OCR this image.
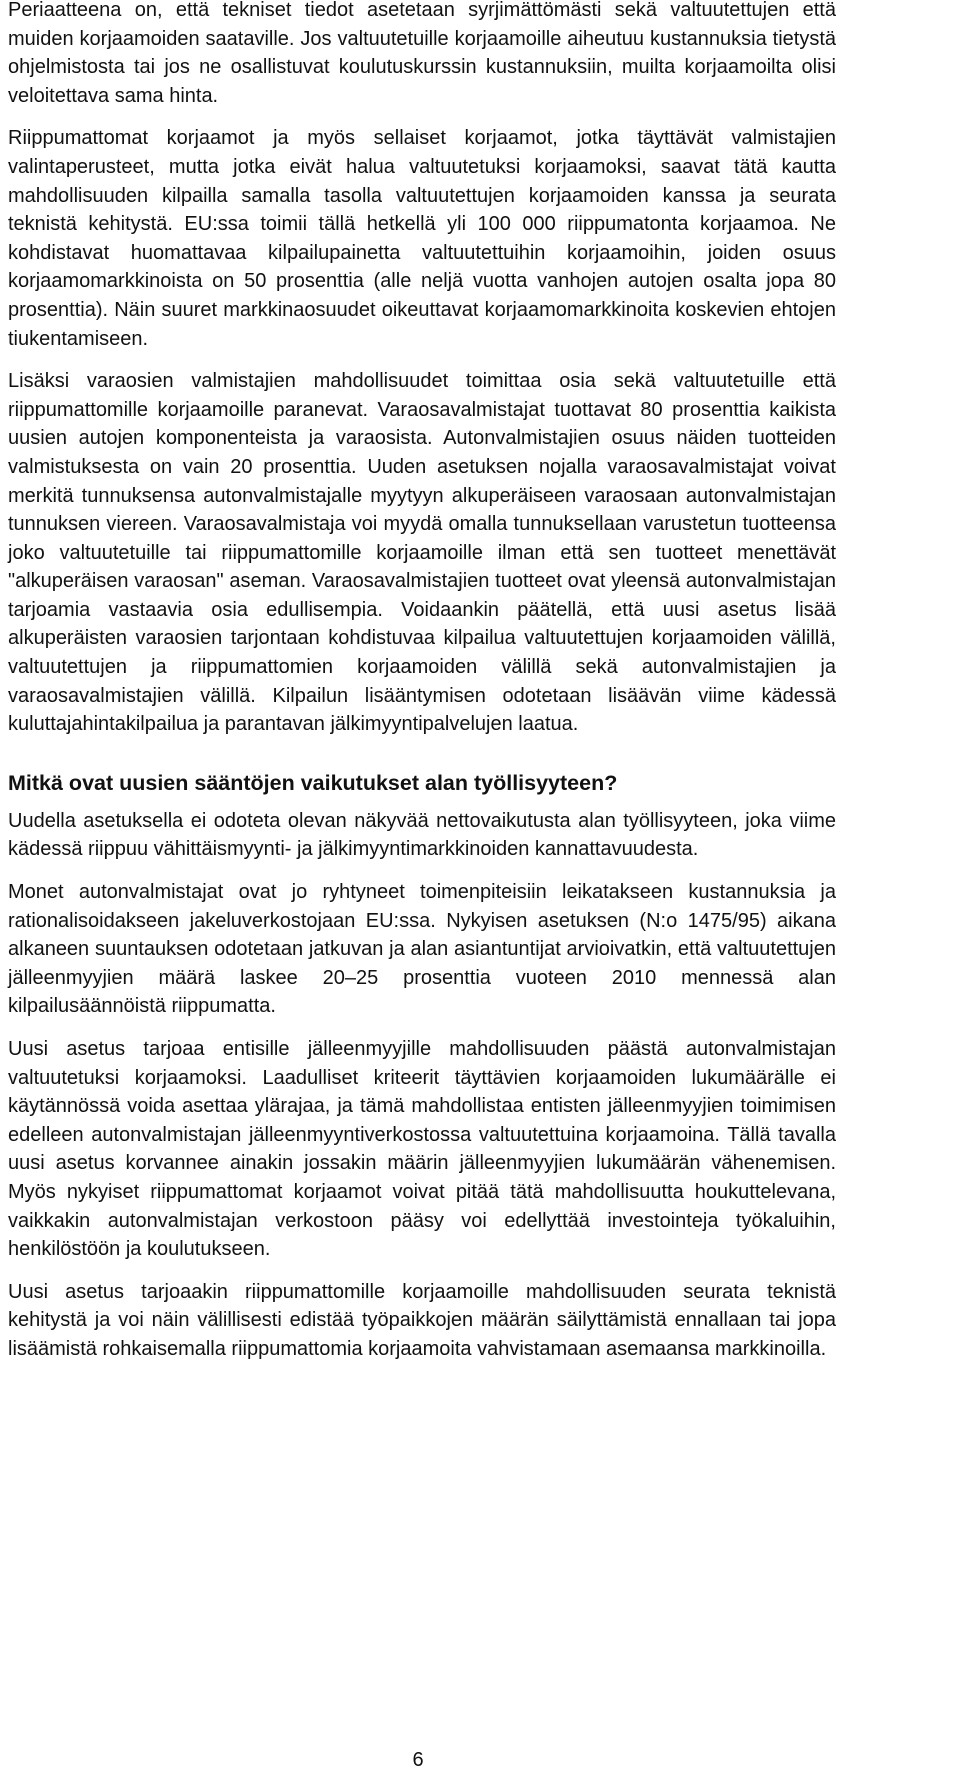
Periaatteena on, että tekniset tiedot asetetaan syrjimättömästi sekä valtuutettujen että muiden korjaamoiden saataville. Jos valtuutetuille korjaamoille aiheutuu kustannuksia tietystä ohjelmistosta tai jos ne osallistuvat koulutuskurssin kustannuksiin, muilta korjaamoilta olisi veloitettava sama hinta.

Riippumattomat korjaamot ja myös sellaiset korjaamot, jotka täyttävät valmistajien valintaperusteet, mutta jotka eivät halua valtuutetuksi korjaamoksi, saavat tätä kautta mahdollisuuden kilpailla samalla tasolla valtuutettujen korjaamoiden kanssa ja seurata teknistä kehitystä. EU:ssa toimii tällä hetkellä yli 100 000 riippumatonta korjaamoa. Ne kohdistavat huomattavaa kilpailupainetta valtuutettuihin korjaamoihin, joiden osuus korjaamomarkkinoista on 50 prosenttia (alle neljä vuotta vanhojen autojen osalta jopa 80 prosenttia). Näin suuret markkinaosuudet oikeuttavat korjaamomarkkinoita koskevien ehtojen tiukentamiseen.

Lisäksi varaosien valmistajien mahdollisuudet toimittaa osia sekä valtuutetuille että riippumattomille korjaamoille paranevat. Varaosavalmistajat tuottavat 80 prosenttia kaikista uusien autojen komponenteista ja varaosista. Autonvalmistajien osuus näiden tuotteiden valmistuksesta on vain 20 prosenttia. Uuden asetuksen nojalla varaosavalmistajat voivat merkitä tunnuksensa autonvalmistajalle myytyyn alkuperäiseen varaosaan autonvalmistajan tunnuksen viereen. Varaosavalmistaja voi myydä omalla tunnuksellaan varustetun tuotteensa joko valtuutetuille tai riippumattomille korjaamoille ilman että sen tuotteet menettävät "alkuperäisen varaosan" aseman. Varaosavalmistajien tuotteet ovat yleensä autonvalmistajan tarjoamia vastaavia osia edullisempia. Voidaankin päätellä, että uusi asetus lisää alkuperäisten varaosien tarjontaan kohdistuvaa kilpailua valtuutettujen korjaamoiden välillä, valtuutettujen ja riippumattomien korjaamoiden välillä sekä autonvalmistajien ja varaosavalmistajien välillä. Kilpailun lisääntymisen odotetaan lisäävän viime kädessä kuluttajahintakilpailua ja parantavan jälkimyyntipalvelujen laatua.

Mitkä ovat uusien sääntöjen vaikutukset alan työllisyyteen?

Uudella asetuksella ei odoteta olevan näkyvää nettovaikutusta alan työllisyyteen, joka viime kädessä riippuu vähittäismyynti- ja jälkimyyntimarkkinoiden kannattavuudesta.

Monet autonvalmistajat ovat jo ryhtyneet toimenpiteisiin leikatakseen kustannuksia ja rationalisoidakseen jakeluverkostojaan EU:ssa. Nykyisen asetuksen (N:o 1475/95) aikana alkaneen suuntauksen odotetaan jatkuvan ja alan asiantuntijat arvioivatkin, että valtuutettujen jälleenmyyjien määrä laskee 20–25 prosenttia vuoteen 2010 mennessä alan kilpailusäännöistä riippumatta.

Uusi asetus tarjoaa entisille jälleenmyyjille mahdollisuuden päästä autonvalmistajan valtuutetuksi korjaamoksi. Laadulliset kriteerit täyttävien korjaamoiden lukumäärälle ei käytännössä voida asettaa ylärajaa, ja tämä mahdollistaa entisten jälleenmyyjien toimimisen edelleen autonvalmistajan jälleenmyyntiverkostossa valtuutettuina korjaamoina. Tällä tavalla uusi asetus korvannee ainakin jossakin määrin jälleenmyyjien lukumäärän vähenemisen. Myös nykyiset riippumattomat korjaamot voivat pitää tätä mahdollisuutta houkuttelevana, vaikkakin autonvalmistajan verkostoon pääsy voi edellyttää investointeja työkaluihin, henkilöstöön ja koulutukseen.

Uusi asetus tarjoaakin riippumattomille korjaamoille mahdollisuuden seurata teknistä kehitystä ja voi näin välillisesti edistää työpaikkojen määrän säilyttämistä ennallaan tai jopa lisäämistä rohkaisemalla riippumattomia korjaamoita vahvistamaan asemaansa markkinoilla.

6
